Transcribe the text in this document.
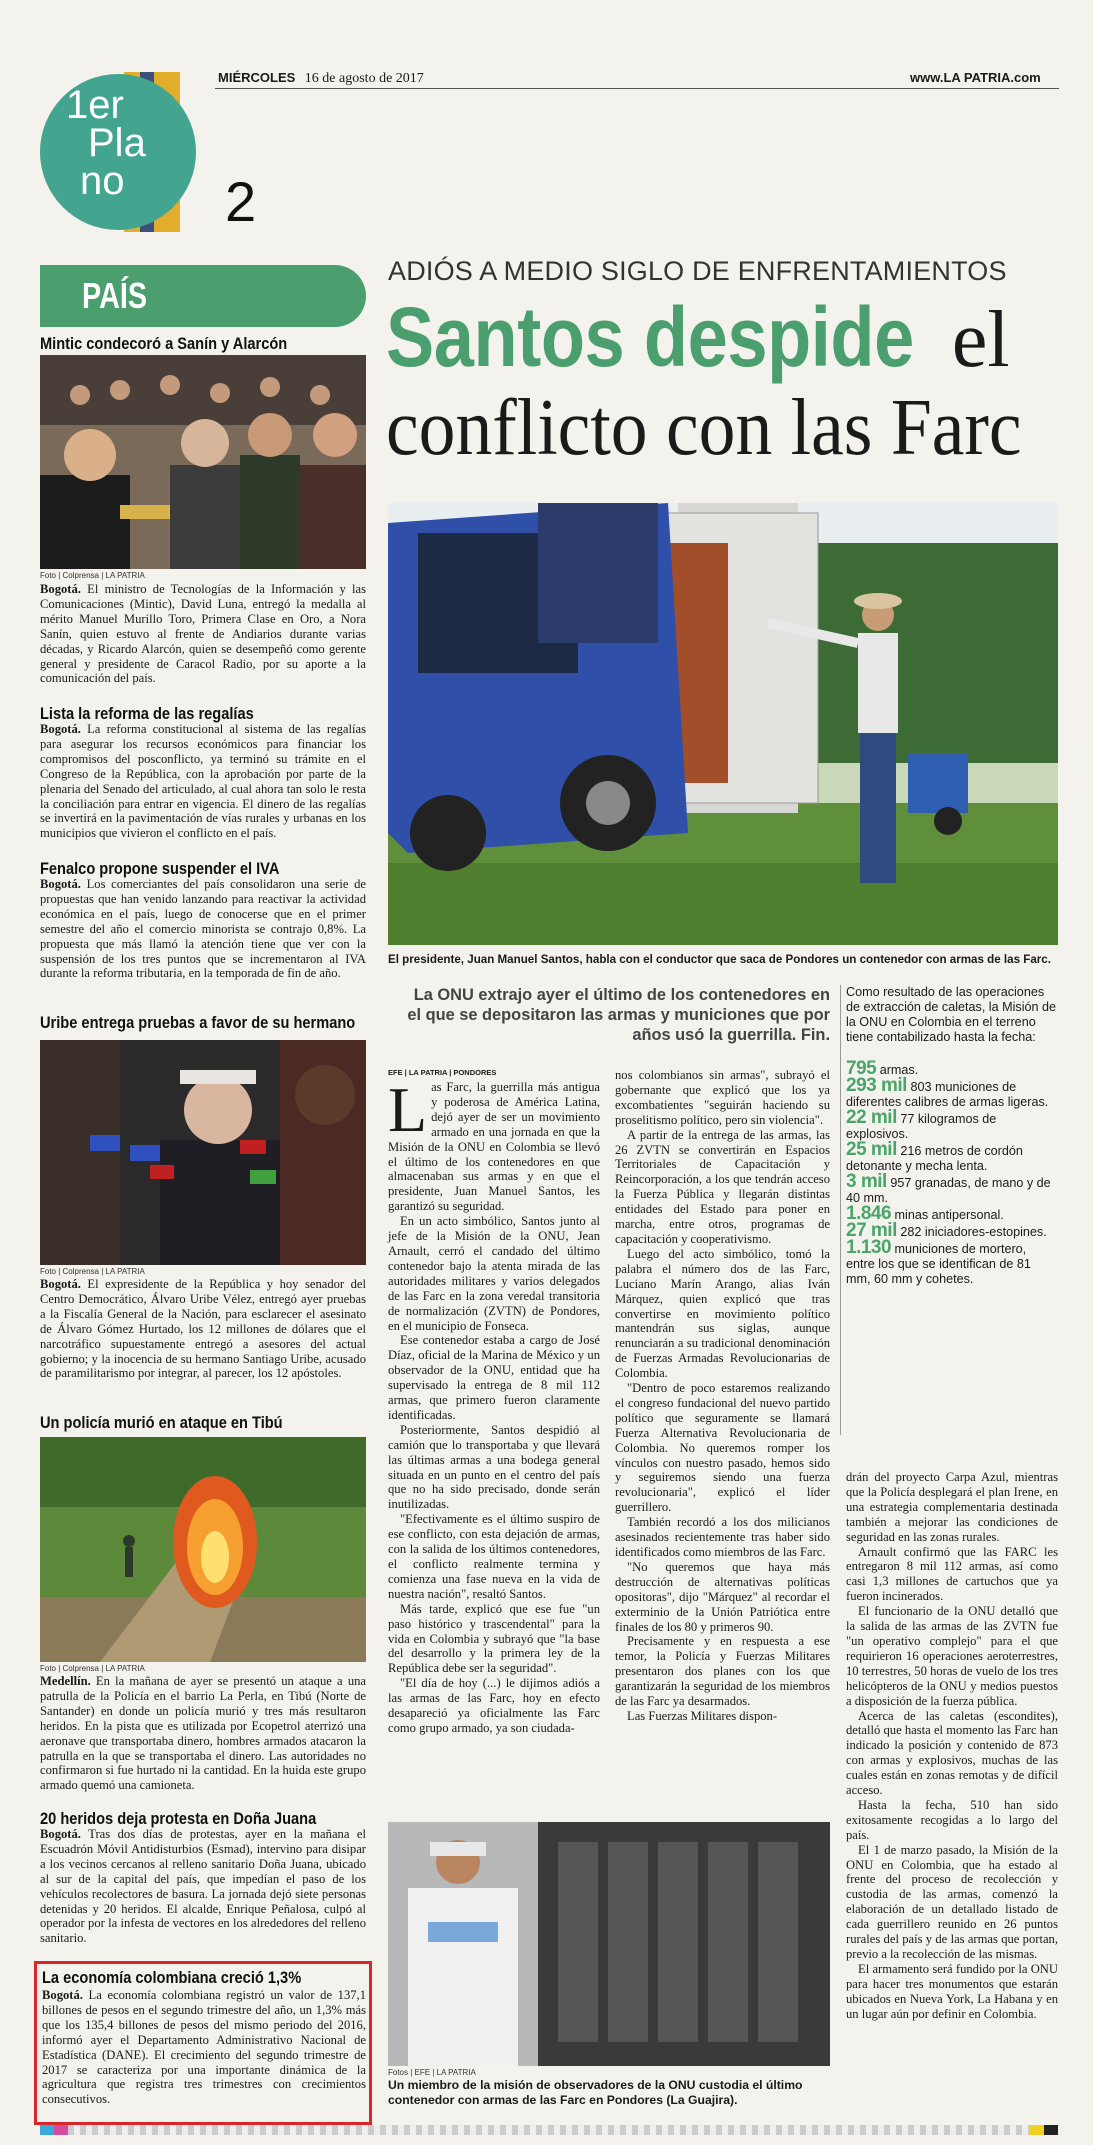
1er
Pla
no	2
MIÉRCOLES 16 de agosto de 2017	www.LA PATRIA.com
PAÍS
ADIÓS A MEDIO SIGLO DE ENFRENTAMIENTOS
Santos despide el
conflicto con las Farc
El presidente, Juan Manuel Santos, habla con el conductor que saca de Pondores un contenedor con armas de las Farc.
La ONU extrajo ayer el último de los contenedores en el que se depositaron las armas y municiones que por años usó la guerrilla. Fin.
Como resultado de las operaciones de extracción de caletas, la Misión de la ONU en Colombia en el terreno tiene contabilizado hasta la fecha:
795 armas.
293 mil 803 municiones de diferentes calibres de armas ligeras.
22 mil 77 kilogramos de explosivos.
25 mil 216 metros de cordón detonante y mecha lenta.
3 mil 957 granadas, de mano y de 40 mm.
1.846 minas antipersonal.
27 mil 282 iniciadores-estopines.
1.130 municiones de mortero, entre los que se identifican de 81 mm, 60 mm y cohetes.
EFE | LA PATRIA | PONDORES
L as Farc, la guerrilla más antigua y poderosa de América Latina, dejó ayer de ser un movimiento armado en una jornada en que la Misión de la ONU en Colombia se llevó el último de los contenedores en que almacenaban sus armas y en que el presidente, Juan Manuel Santos, les garantizó su seguridad.

En un acto simbólico, Santos junto al jefe de la Misión de la ONU, Jean Arnault, cerró el candado del último contenedor bajo la atenta mirada de las autoridades militares y varios delegados de las Farc en la zona veredal transitoria de normalización (ZVTN) de Pondores, en el municipio de Fonseca.

Ese contenedor estaba a cargo de José Díaz, oficial de la Marina de México y un observador de la ONU, entidad que ha supervisado la entrega de 8 mil 112 armas, que primero fueron claramente identificadas.

Posteriormente, Santos despidió al camión que lo transportaba y que llevará las últimas armas a una bodega general situada en un punto en el centro del país que no ha sido precisado, donde serán inutilizadas.

"Efectivamente es el último suspiro de ese conflicto, con esta dejación de armas, con la salida de los últimos contenedores, el conflicto realmente termina y comienza una fase nueva en la vida de nuestra nación", resaltó Santos.

Más tarde, explicó que ese fue "un paso histórico y trascendental" para la vida en Colombia y subrayó que "la base del desarrollo y la primera ley de la República debe ser la seguridad".

"El día de hoy (...) le dijimos adiós a las armas de las Farc, hoy en efecto desapareció ya oficialmente las Farc como grupo armado, ya son ciudada-

nos colombianos sin armas", subrayó el gobernante que explicó que los ya excombatientes "seguirán haciendo su proselitismo político, pero sin violencia".

A partir de la entrega de las armas, las 26 ZVTN se convertirán en Espacios Territoriales de Capacitación y Reincorporación, a los que tendrán acceso la Fuerza Pública y llegarán distintas entidades del Estado para poner en marcha, entre otros, programas de capacitación y cooperativismo.

Luego del acto simbólico, tomó la palabra el número dos de las Farc, Luciano Marín Arango, alias Iván Márquez, quien explicó que tras convertirse en movimiento político mantendrán sus siglas, aunque renunciarán a su tradicional denominación de Fuerzas Armadas Revolucionarias de Colombia.

"Dentro de poco estaremos realizando el congreso fundacional del nuevo partido político que seguramente se llamará Fuerza Alternativa Revolucionaria de Colombia. No queremos romper los vínculos con nuestro pasado, hemos sido y seguiremos siendo una fuerza revolucionaria", explicó el líder guerrillero.

También recordó a los dos milicianos asesinados recientemente tras haber sido identificados como miembros de las Farc.

"No queremos que haya más destrucción de alternativas políticas opositoras", dijo "Márquez" al recordar el exterminio de la Unión Patriótica entre finales de los 80 y primeros 90.

Precisamente y en respuesta a ese temor, la Policía y Fuerzas Militares presentaron dos planes con los que garantizarán la seguridad de los miembros de las Farc ya desarmados.

Las Fuerzas Militares dispon-

drán del proyecto Carpa Azul, mientras que la Policía desplegará el plan Irene, en una estrategia complementaria destinada también a mejorar las condiciones de seguridad en las zonas rurales.

Arnault confirmó que las FARC les entregaron 8 mil 112 armas, así como casi 1,3 millones de cartuchos que ya fueron incinerados.

El funcionario de la ONU detalló que la salida de las armas de las ZVTN fue "un operativo complejo" para el que requirieron 16 operaciones aeroterrestres, 10 terrestres, 50 horas de vuelo de los tres helicópteros de la ONU y medios puestos a disposición de la fuerza pública.

Acerca de las caletas (escondites), detalló que hasta el momento las Farc han indicado la posición y contenido de 873 con armas y explosivos, muchas de las cuales están en zonas remotas y de difícil acceso.

Hasta la fecha, 510 han sido exitosamente recogidas a lo largo del país.

El 1 de marzo pasado, la Misión de la ONU en Colombia, que ha estado al frente del proceso de recolección y custodia de las armas, comenzó la elaboración de un detallado listado de cada guerrillero reunido en 26 puntos rurales del país y de las armas que portan, previo a la recolección de las mismas.

El armamento será fundido por la ONU para hacer tres monumentos que estarán ubicados en Nueva York, La Habana y en un lugar aún por definir en Colombia.

Fotos | EFE | LA PATRIA
Un miembro de la misión de observadores de la ONU custodia el último contenedor con armas de las Farc en Pondores (La Guajira).
Mintic condecoró a Sanín y Alarcón
Foto | Colprensa | LA PATRIA
Bogotá. El ministro de Tecnologías de la Información y las Comunicaciones (Mintic), David Luna, entregó la medalla al mérito Manuel Murillo Toro, Primera Clase en Oro, a Nora Sanín, quien estuvo al frente de Andiarios durante varias décadas, y Ricardo Alarcón, quien se desempeñó como gerente general y presidente de Caracol Radio, por su aporte a la comunicación del país.
Lista la reforma de las regalías
Bogotá. La reforma constitucional al sistema de las regalías para asegurar los recursos económicos para financiar los compromisos del posconflicto, ya terminó su trámite en el Congreso de la República, con la aprobación por parte de la plenaria del Senado del articulado, al cual ahora tan solo le resta la conciliación para entrar en vigencia. El dinero de las regalías se invertirá en la pavimentación de vías rurales y urbanas en los municipios que vivieron el conflicto en el país.
Fenalco propone suspender el IVA
Bogotá. Los comerciantes del país consolidaron una serie de propuestas que han venido lanzando para reactivar la actividad económica en el país, luego de conocerse que en el primer semestre del año el comercio minorista se contrajo 0,8%. La propuesta que más llamó la atención tiene que ver con la suspensión de los tres puntos que se incrementaron al IVA durante la reforma tributaria, en la temporada de fin de año.
Uribe entrega pruebas a favor de su hermano
Foto | Colprensa | LA PATRIA
Bogotá. El expresidente de la República y hoy senador del Centro Democrático, Álvaro Uribe Vélez, entregó ayer pruebas a la Fiscalía General de la Nación, para esclarecer el asesinato de Álvaro Gómez Hurtado, los 12 millones de dólares que el narcotráfico supuestamente entregó a asesores del actual gobierno; y la inocencia de su hermano Santiago Uribe, acusado de paramilitarismo por integrar, al parecer, los 12 apóstoles.
Un policía murió en ataque en Tibú
Foto | Colprensa | LA PATRIA
Medellín. En la mañana de ayer se presentó un ataque a una patrulla de la Policía en el barrio La Perla, en Tibú (Norte de Santander) en donde un policía murió y tres más resultaron heridos. En la pista que es utilizada por Ecopetrol aterrizó una aeronave que transportaba dinero, hombres armados atacaron la patrulla en la que se transportaba el dinero. Las autoridades no confirmaron si fue hurtado ni la cantidad. En la huida este grupo armado quemó una camioneta.
20 heridos deja protesta en Doña Juana
Bogotá. Tras dos días de protestas, ayer en la mañana el Escuadrón Móvil Antidisturbios (Esmad), intervino para disipar a los vecinos cercanos al relleno sanitario Doña Juana, ubicado al sur de la capital del país, que impedían el paso de los vehículos recolectores de basura. La jornada dejó siete personas detenidas y 20 heridos. El alcalde, Enrique Peñalosa, culpó al operador por la infesta de vectores en los alrededores del relleno sanitario.
La economía colombiana creció 1,3%
Bogotá. La economía colombiana registró un valor de 137,1 billones de pesos en el segundo trimestre del año, un 1,3% más que los 135,4 billones de pesos del mismo periodo del 2016, informó ayer el Departamento Administrativo Nacional de Estadística (DANE). El crecimiento del segundo trimestre de 2017 se caracteriza por una importante dinámica de la agricultura que registra tres trimestres con crecimientos consecutivos.
